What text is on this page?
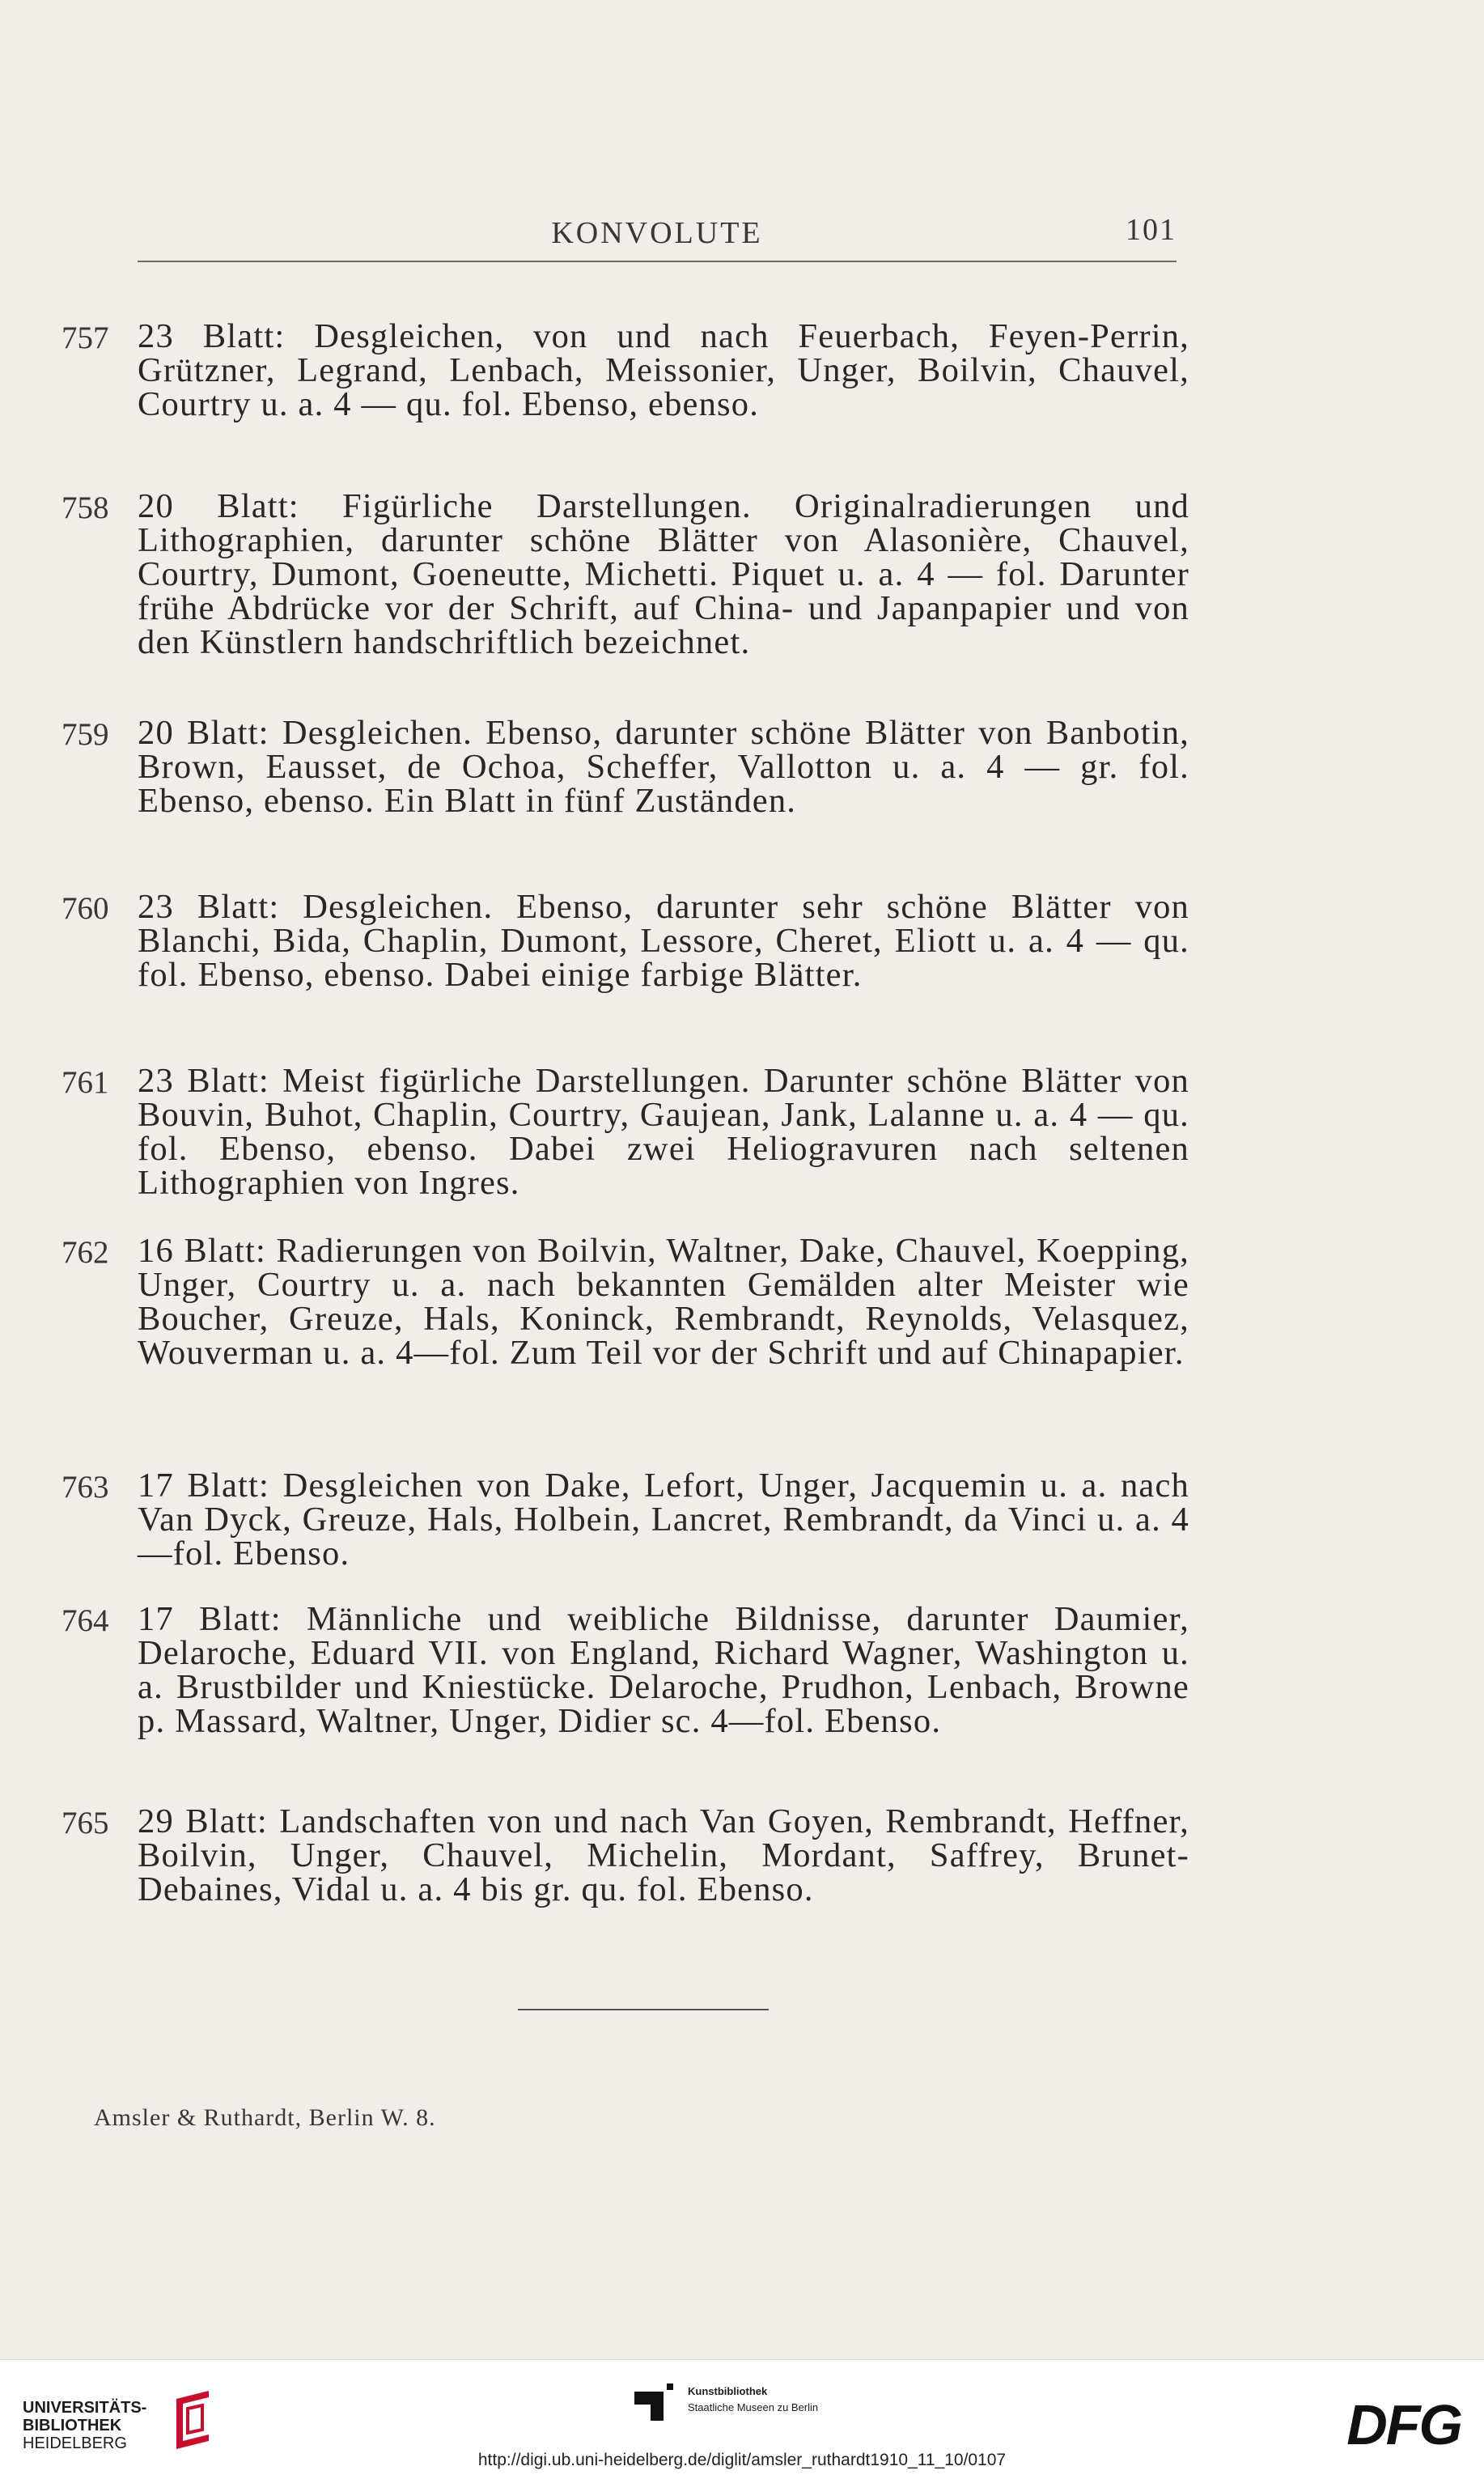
KONVOLUTE	101
757 23 Blatt: Desgleichen, von und nach Feuerbach, Feyen-Perrin, Grützner, Legrand, Lenbach, Meissonier, Unger, Boilvin, Chauvel, Courtry u. a. 4 — qu. fol. Ebenso, ebenso.
758 20 Blatt: Figürliche Darstellungen. Originalradierungen und Lithographien, darunter schöne Blätter von Alasonière, Chauvel, Courtry, Dumont, Goeneutte, Michetti. Piquet u. a. 4 — fol. Darunter frühe Abdrücke vor der Schrift, auf China- und Japanpapier und von den Künstlern handschriftlich bezeichnet.
759 20 Blatt: Desgleichen. Ebenso, darunter schöne Blätter von Banbotin, Brown, Eausset, de Ochoa, Scheffer, Vallotton u. a. 4 — gr. fol. Ebenso, ebenso. Ein Blatt in fünf Zuständen.
760 23 Blatt: Desgleichen. Ebenso, darunter sehr schöne Blätter von Blanchi, Bida, Chaplin, Dumont, Lessore, Cheret, Eliott u. a. 4 — qu. fol. Ebenso, ebenso. Dabei einige farbige Blätter.
761 23 Blatt: Meist figürliche Darstellungen. Darunter schöne Blätter von Bouvin, Buhot, Chaplin, Courtry, Gaujean, Jank, Lalanne u. a. 4 — qu. fol. Ebenso, ebenso. Dabei zwei Heliogravuren nach seltenen Lithographien von Ingres.
762 16 Blatt: Radierungen von Boilvin, Waltner, Dake, Chauvel, Koepping, Unger, Courtry u. a. nach bekannten Gemälden alter Meister wie Boucher, Greuze, Hals, Koninck, Rembrandt, Reynolds, Velasquez, Wouverman u. a. 4—fol. Zum Teil vor der Schrift und auf Chinapapier.
763 17 Blatt: Desgleichen von Dake, Lefort, Unger, Jacquemin u. a. nach Van Dyck, Greuze, Hals, Holbein, Lancret, Rembrandt, da Vinci u. a. 4—fol. Ebenso.
764 17 Blatt: Männliche und weibliche Bildnisse, darunter Daumier, Delaroche, Eduard VII. von England, Richard Wagner, Washington u. a. Brustbilder und Kniestücke. Delaroche, Prudhon, Lenbach, Browne p. Massard, Waltner, Unger, Didier sc. 4—fol. Ebenso.
765 29 Blatt: Landschaften von und nach Van Goyen, Rembrandt, Heffner, Boilvin, Unger, Chauvel, Michelin, Mordant, Saffrey, Brunet-Debaines, Vidal u. a. 4 bis gr. qu. fol. Ebenso.
Amsler & Ruthardt, Berlin W. 8.
UNIVERSITÄTS-
BIBLIOTHEK
HEIDELBERG
Kunstbibliothek
Staatliche Museen zu Berlin	DFG
http://digi.ub.uni-heidelberg.de/diglit/amsler_ruthardt1910_11_10/0107
